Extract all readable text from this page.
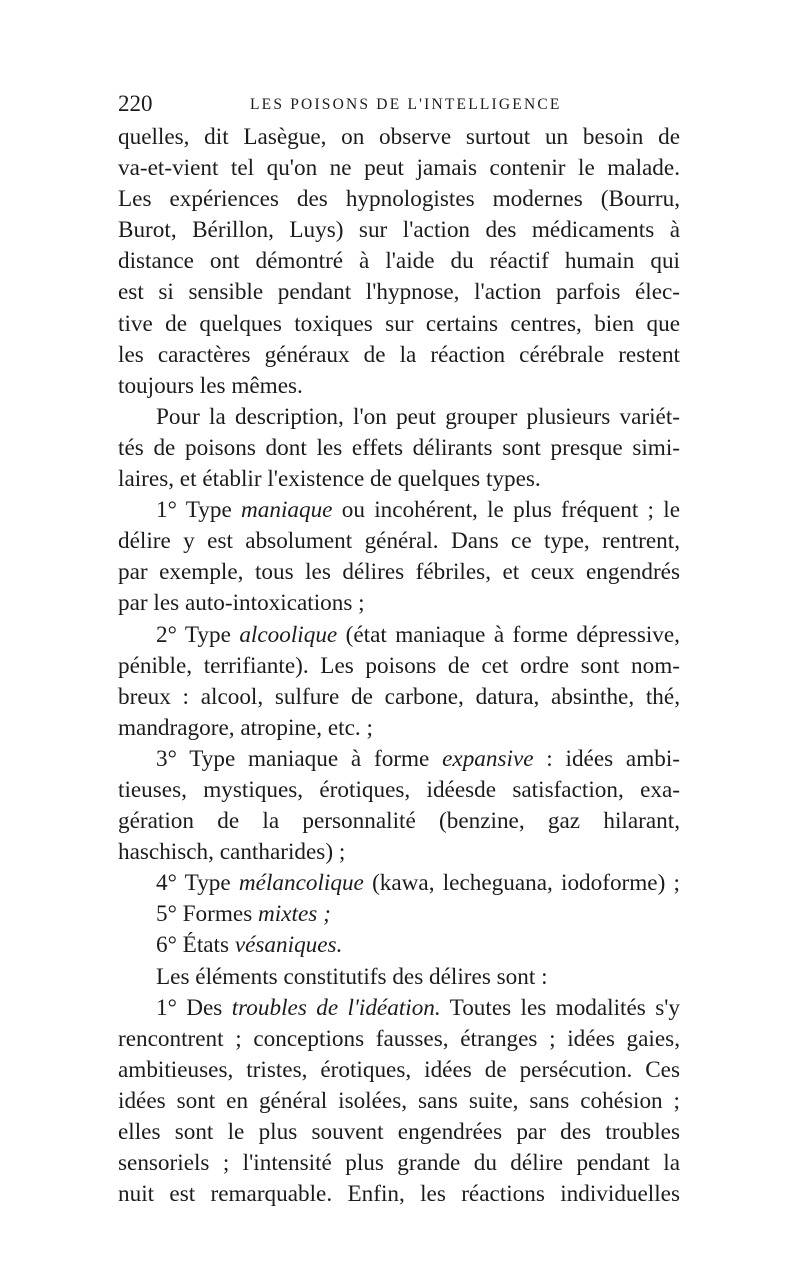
220	LES POISONS DE L'INTELLIGENCE
quelles, dit Lasègue, on observe surtout un besoin de
va-et-vient tel qu'on ne peut jamais contenir le malade.
Les expériences des hypnologistes modernes (Bourru,
Burot, Bérillon, Luys) sur l'action des médicaments à
distance ont démontré à l'aide du réactif humain qui
est si sensible pendant l'hypnose, l'action parfois élec-
tive de quelques toxiques sur certains centres, bien que
les caractères généraux de la réaction cérébrale restent
toujours les mêmes.
Pour la description, l'on peut grouper plusieurs variét-
tés de poisons dont les effets délirants sont presque simi-
laires, et établir l'existence de quelques types.
1° Type maniaque ou incohérent, le plus fréquent ; le
délire y est absolument général. Dans ce type, rentrent,
par exemple, tous les délires fébriles, et ceux engendrés
par les auto-intoxications ;
2° Type alcoolique (état maniaque à forme dépressive,
pénible, terrifiante). Les poisons de cet ordre sont nom-
breux : alcool, sulfure de carbone, datura, absinthe, thé,
mandragore, atropine, etc. ;
3° Type maniaque à forme expansive : idées ambi-
tieuses, mystiques, érotiques, idéesde satisfaction, exa-
gération de la personnalité (benzine, gaz hilarant,
haschisch, cantharides) ;
4° Type mélancolique (kawa, lecheguana, iodoforme) ;
5° Formes mixtes ;
6° États vésaniques.
Les éléments constitutifs des délires sont :
1° Des troubles de l'idéation. Toutes les modalités s'y
rencontrent ; conceptions fausses, étranges ; idées gaies,
ambitieuses, tristes, érotiques, idées de persécution. Ces
idées sont en général isolées, sans suite, sans cohésion ;
elles sont le plus souvent engendrées par des troubles
sensoriels ; l'intensité plus grande du délire pendant la
nuit est remarquable. Enfin, les réactions individuelles
